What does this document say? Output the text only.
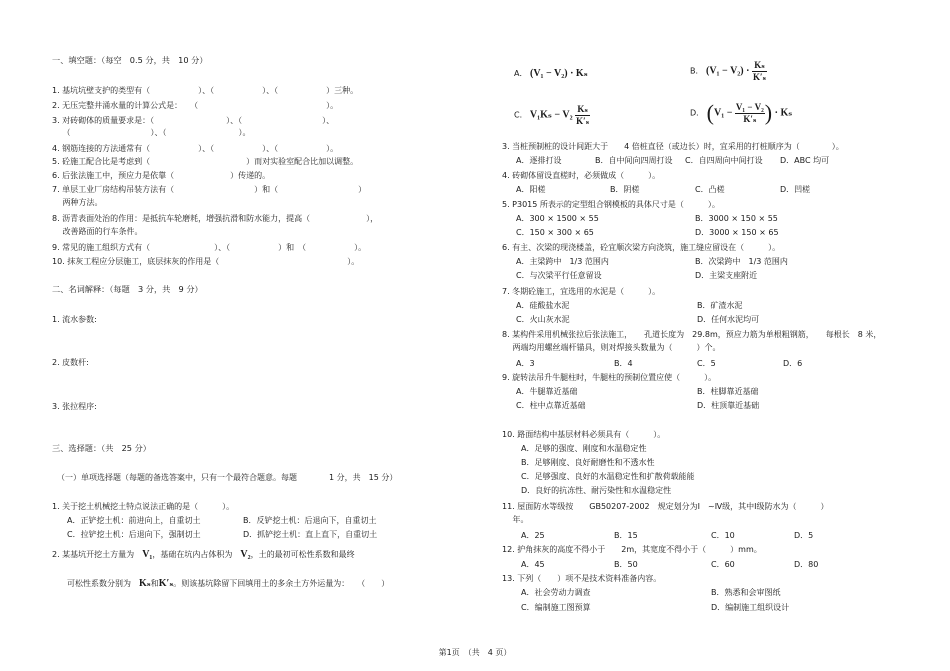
一、填空题：（每空　0.5 分，共　10 分）
1. 基坑坑壁支护的类型有（　　　　　　）、（　　　　　　）、（　　　　　　）三种。
2. 无压完整井涌水量的计算公式是：　　（　　　　　　　　　　　　　　　　）。
3. 对砖砌体的质量要求是：（　　　　　　　　　）、（　　　　　　　　　　）、
　 （　　　　　　　　　　）、（　　　　　　　　　）。
4. 钢筋连接的方法通常有（　　　　　　）、（　　　　　　）、（　　　　　　）。
5. 砼施工配合比是考虑到（　　　　　　　　　　　　）而对实验室配合比加以调整。
6. 后张法施工中，预应力是依靠（　　　　　　　）传递的。
7. 单层工业厂房结构吊装方法有（　　　　　　　　　　）和（　　　　　　　　　　）
　 两种方法。
8. 沥青表面处治的作用：是抵抗车轮磨耗，增强抗滑和防水能力，提高（　　　　　　　），
　 改善路面的行车条件。
9. 常见的施工组织方式有（　　　　　　　　）、（　　　　　　）和　（　　　　　　）。
10. 抹灰工程应分层施工，底层抹灰的作用是（　　　　　　　　　　　　　　　　）。
二、名词解释：（每题　3 分，共　9 分）
1. 流水参数:
2. 皮数杆:
3. 张拉程序:
三、选择题：（共　25 分）
（一）单项选择题（每题的备选答案中，只有一个最符合题意。每题　　　　1 分，共　15 分）
1. 关于挖土机械挖土特点说法正确的是（　　　）。
A．正铲挖土机：前进向上，自重切土	B．反铲挖土机：后退向下，自重切土
C．拉铲挖土机：后退向下，强制切土	D．抓铲挖土机：直上直下，自重切土
2. 某基坑开挖土方量为　 V₁，基础在坑内占体积为　 V₂，土的最初可松性系数和最终
可松性系数分别为　 Kₛ和K′ₛ。则该基坑除留下回填用土的多余土方外运量为：　　（　　）
A． (V₁ − V₂) · Kₛ	B． $(V_1 - V_2) \cdot \frac{\text{Kₛ}}{\text{K′ₛ}}$
C． $V_1K_s - V_2 \frac{\text{Kₛ}}{\text{K′ₛ}}$	D． ($V_1 - \frac{\text{V₁ − V₂}}{\text{K′ₛ}}$ ) · Kₛ
3. 当桩预制桩的设计间距大于　　4 倍桩直径（或边长）时，宜采用的打桩顺序为（　　　　）。
A．逐排打设	B．自中间向四周打设 C．自四周向中间打设 D．ABC 均可
4. 砖砌体留设直槎时，必须做成（　　　）。
A．阳槎	B．阴槎	C．凸槎	D．凹槎
5. P3015 所表示的定型组合钢模板的具体尺寸是（　　　）。
A．300 × 1500 × 55	B．3000 × 150 × 55
C．150 × 300 × 65	D．3000 × 150 × 65
6. 有主、次梁的现浇楼盖，砼宜顺次梁方向浇筑，施工缝应留设在（　　　）。
A．主梁跨中　1/3 范围内	B．次梁跨中　1/3 范围内
C．与次梁平行任意留设	D．主梁支座附近
7. 冬期砼施工，宜选用的水泥是（　　　）。
A．硅酸盐水泥	B．矿渣水泥
C．火山灰水泥	D．任何水泥均可
8. 某构件采用机械张拉后张法施工，　　孔道长度为　29.8m，预应力筋为单根粗钢筋，　　每根长　8 米，
　 两端均用螺丝端杆锚具，则对焊接头数量为（　　　）个。
A．3	B．4	C．5	D．6
9. 旋转法吊升牛腿柱时，牛腿柱的预制位置应使（　　　）。
A．牛腿靠近基础	B．柱脚靠近基础
C．柱中点靠近基础	D．柱顶靠近基础
10. 路面结构中基层材料必须具有（　　　）。
A．足够的强度、刚度和水温稳定性
B．足够刚度、良好耐磨性和不透水性
C．足够强度、良好的水温稳定性和扩散荷载能能
D．良好的抗冻性、耐污染性和水温稳定性
11. 屋面防水等级按　　GB50207-2002　规定划分为Ⅰ　~Ⅳ级，其中Ⅰ级防水为（　　　）
　 年。
A．25	B．15	C．10	D．5
12. 护角抹灰的高度不得小于　　2m，其宽度不得小于（　　　）mm。
A．45	B．50	C．60	D．80
13. 下列（　　）项不是技术资料准备内容。
A．社会劳动力调查	B．熟悉和会审图纸
C．编制施工图预算	D．编制施工组织设计
第1页　（共　4 页）
